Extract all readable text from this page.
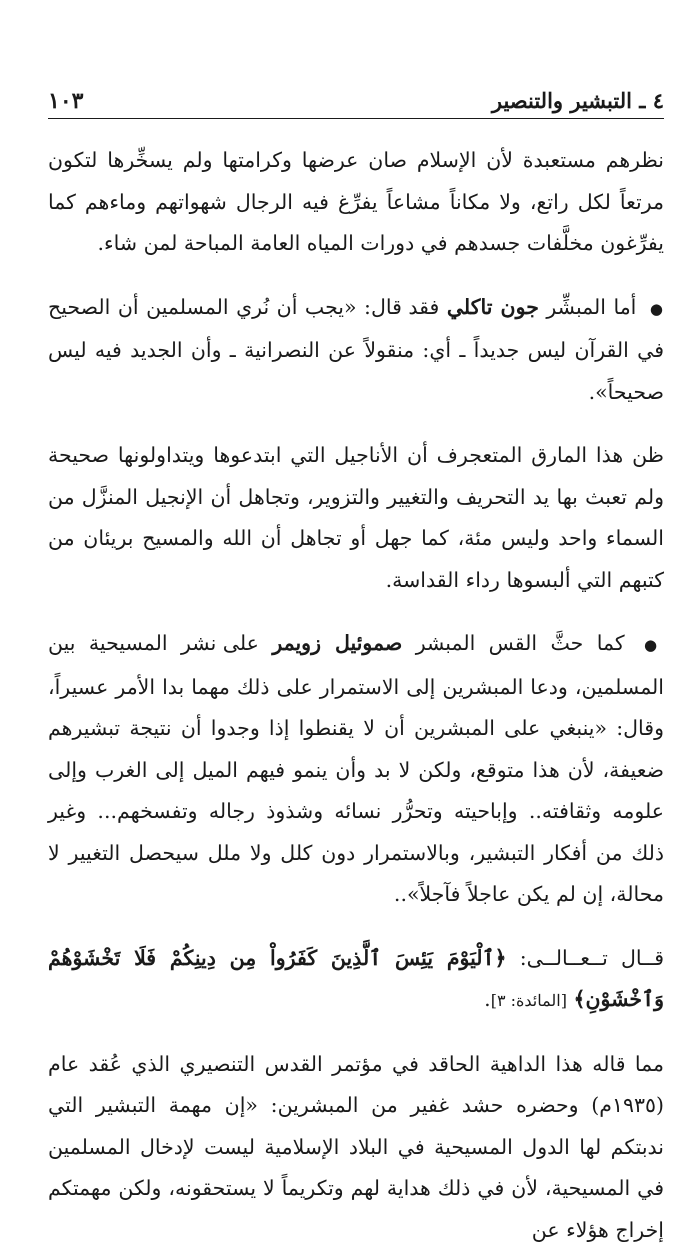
٤ ـ التبشير والتنصير
١٠٣

نظرهم مستعبدة لأن الإسلام صان عرضها وكرامتها ولم يسخِّرها لتكون مرتعاً لكل راتع، ولا مكاناً مشاعاً يفرِّغ فيه الرجال شهواتهم وماءهم كما يفرِّغون مخلَّفات جسدهم في دورات المياه العامة المباحة لمن شاء.

● أما المبشِّر جون تاكلي فقد قال: «يجب أن نُري المسلمين أن الصحيح في القرآن ليس جديداً ـ أي: منقولاً عن النصرانية ـ وأن الجديد فيه ليس صحيحاً».

ظن هذا المارق المتعجرف أن الأناجيل التي ابتدعوها ويتداولونها صحيحة ولم تعبث بها يد التحريف والتغيير والتزوير، وتجاهل أن الإنجيل المنزَّل من السماء واحد وليس مئة، كما جهل أو تجاهل أن الله والمسيح بريئان من كتبهم التي ألبسوها رداء القداسة.

● كما حثَّ القس المبشر صموئيل زويمر على نشر المسيحية بين المسلمين، ودعا المبشرين إلى الاستمرار على ذلك مهما بدا الأمر عسيراً، وقال: «ينبغي على المبشرين أن لا يقنطوا إذا وجدوا أن نتيجة تبشيرهم ضعيفة، لأن هذا متوقع، ولكن لا بد وأن ينمو فيهم الميل إلى الغرب وإلى علومه وثقافته.. وإباحيته وتحرُّر نسائه وشذوذ رجاله وتفسخهم... وغير ذلك من أفكار التبشير، وبالاستمرار دون كلل ولا ملل سيحصل التغيير لا محالة، إن لم يكن عاجلاً فآجلاً»..

قــال تــعــالــى: ﴿ٱلْيَوْمَ يَئِسَ ٱلَّذِينَ كَفَرُواْ مِن دِينِكُمْ فَلَا تَخْشَوْهُمْ وَٱخْشَوْنِ﴾ [المائدة: ٣].

مما قاله هذا الداهية الحاقد في مؤتمر القدس التنصيري الذي عُقد عام (١٩٣٥م) وحضره حشد غفير من المبشرين: «إن مهمة التبشير التي ندبتكم لها الدول المسيحية في البلاد الإسلامية ليست لإدخال المسلمين في المسيحية، لأن في ذلك هداية لهم وتكريماً لا يستحقونه، ولكن مهمتكم إخراج هؤلاء عن
